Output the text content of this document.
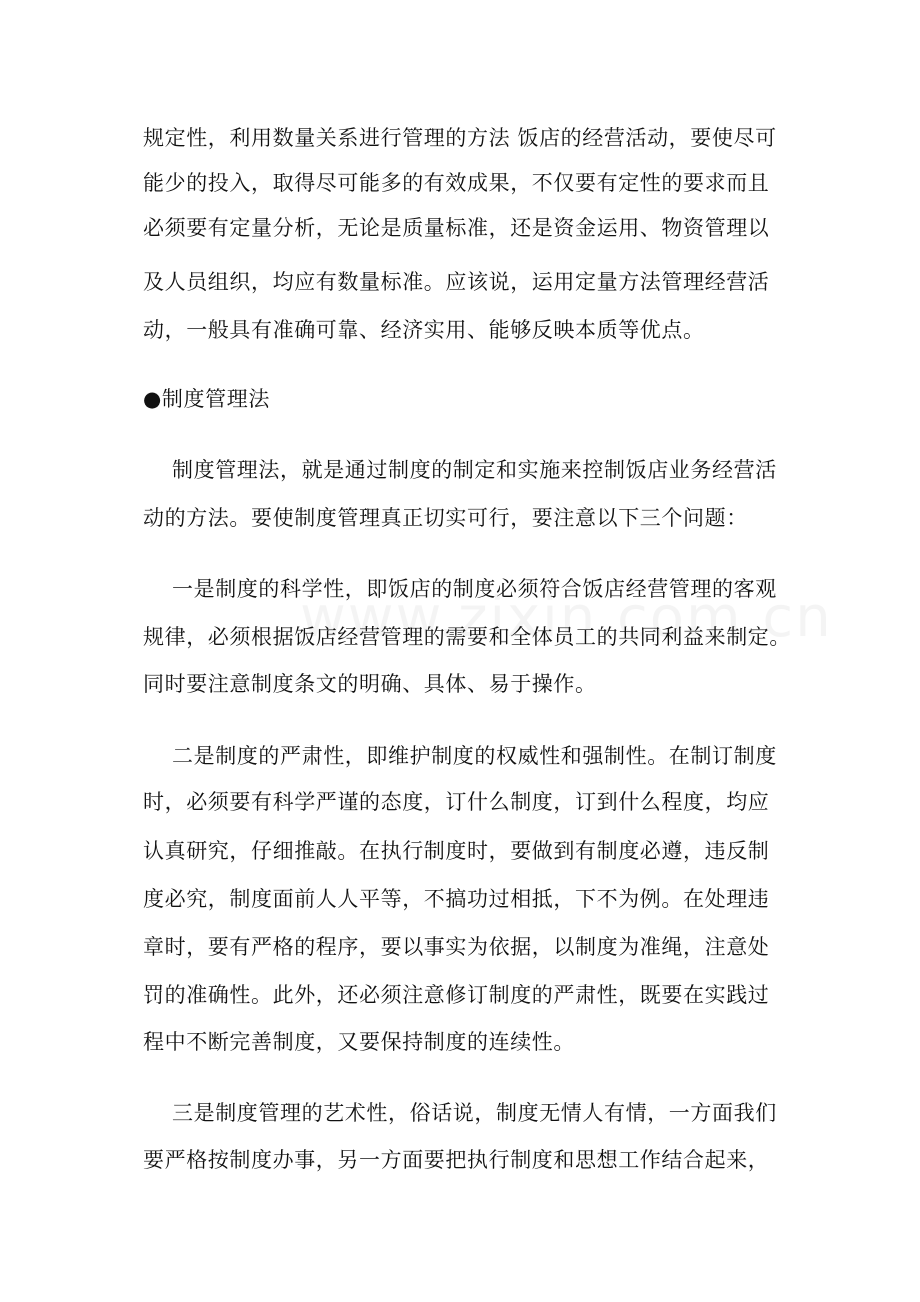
规定性，利用数量关系进行管理的方法 饭店的经营活动，要使尽可
能少的投入，取得尽可能多的有效成果，不仅要有定性的要求而且
必须要有定量分析，无论是质量标准，还是资金运用、物资管理以
及人员组织，均应有数量标准。应该说，运用定量方法管理经营活
动，一般具有准确可靠、经济实用、能够反映本质等优点。
●制度管理法
制度管理法，就是通过制度的制定和实施来控制饭店业务经营活
动的方法。要使制度管理真正切实可行，要注意以下三个问题：
一是制度的科学性，即饭店的制度必须符合饭店经营管理的客观
规律，必须根据饭店经营管理的需要和全体员工的共同利益来制定。
同时要注意制度条文的明确、具体、易于操作。
二是制度的严肃性，即维护制度的权威性和强制性。在制订制度
时，必须要有科学严谨的态度，订什么制度，订到什么程度，均应
认真研究，仔细推敲。在执行制度时，要做到有制度必遵，违反制
度必究，制度面前人人平等，不搞功过相抵，下不为例。在处理违
章时，要有严格的程序，要以事实为依据，以制度为准绳，注意处
罚的准确性。此外，还必须注意修订制度的严肃性，既要在实践过
程中不断完善制度，又要保持制度的连续性。
三是制度管理的艺术性，俗话说，制度无情人有情，一方面我们
要严格按制度办事，另一方面要把执行制度和思想工作结合起来，
